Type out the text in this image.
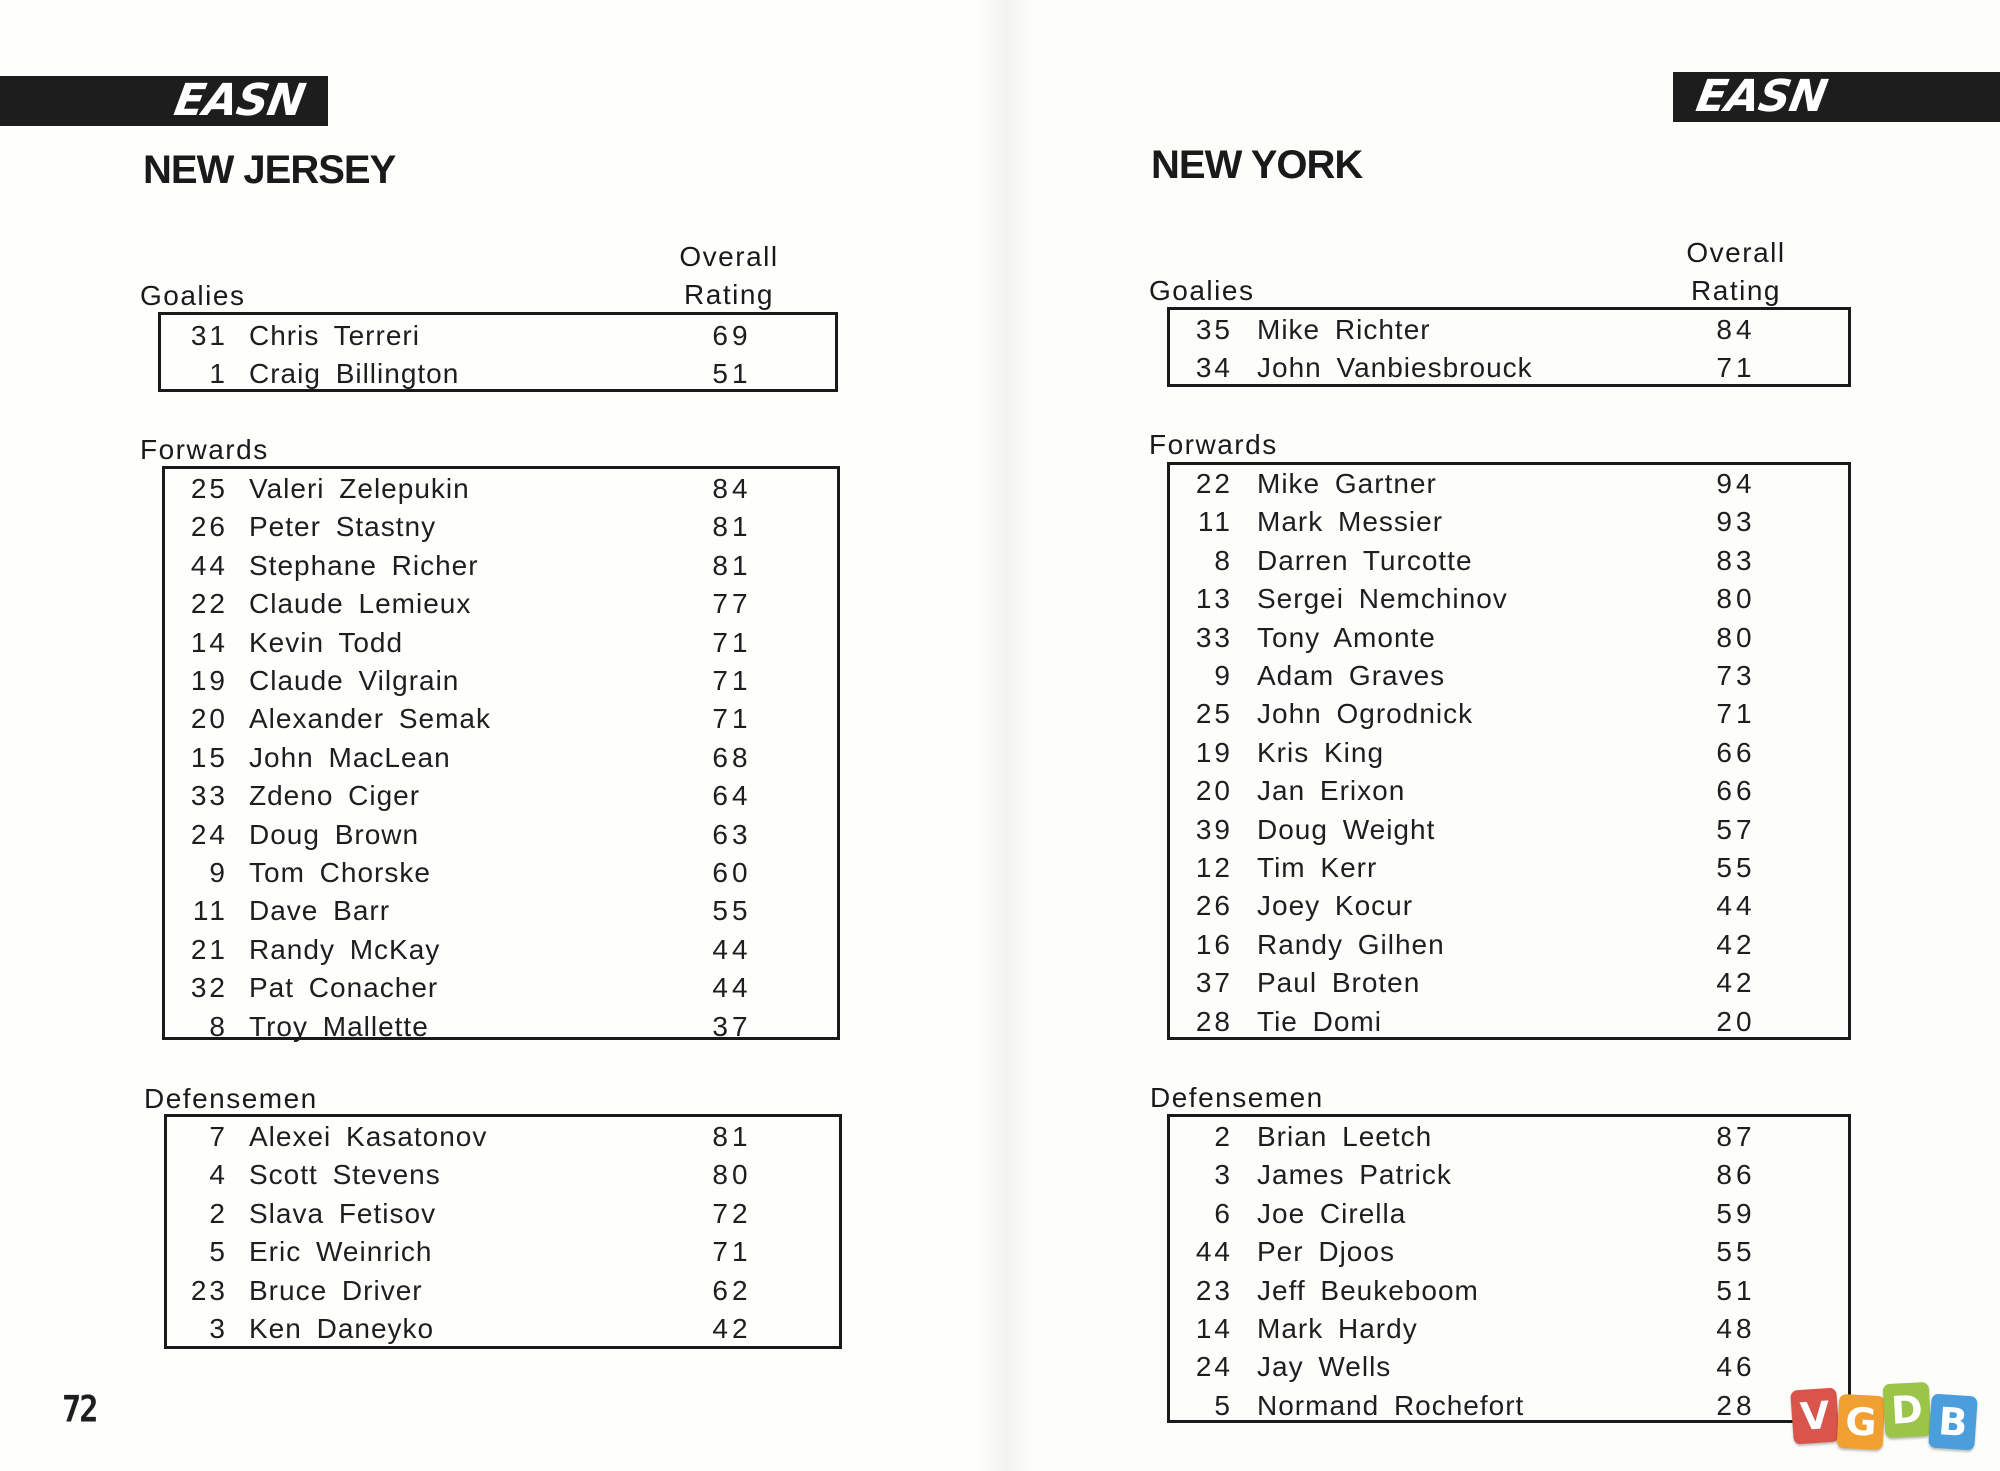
EASN
NEW JERSEY
Overall
Rating
Goalies
Forwards
Defensemen
72
31 Chris Terreri	69
1 Craig Billington	51
25 Valeri Zelepukin	84
26 Peter Stastny	81
44 Stephane Richer	81
22 Claude Lemieux	77
14 Kevin Todd	71
19 Claude Vilgrain	71
20 Alexander Semak	71
15 John MacLean	68
33 Zdeno Ciger	64
24 Doug Brown	63
9 Tom Chorske	60
11 Dave Barr	55
21 Randy McKay	44
32 Pat Conacher	44
8 Troy Mallette	37
7 Alexei Kasatonov	81
4 Scott Stevens	80
2 Slava Fetisov	72
5 Eric Weinrich	71
23 Bruce Driver	62
3 Ken Daneyko	42
EASN
NEW YORK
Overall
Rating
Goalies
Forwards
Defensemen
35 Mike Richter	84
34 John Vanbiesbrouck	71
22 Mike Gartner	94
11 Mark Messier	93
8 Darren Turcotte	83
13 Sergei Nemchinov	80
33 Tony Amonte	80
9 Adam Graves	73
25 John Ogrodnick	71
19 Kris King	66
20 Jan Erixon	66
39 Doug Weight	57
12 Tim Kerr	55
26 Joey Kocur	44
16 Randy Gilhen	42
37 Paul Broten	42
28 Tie Domi	20
2 Brian Leetch	87
3 James Patrick	86
6 Joe Cirella	59
44 Per Djoos	55
23 Jeff Beukeboom	51
14 Mark Hardy	48
24 Jay Wells	46
5 Normand Rochefort	28	V G D B
